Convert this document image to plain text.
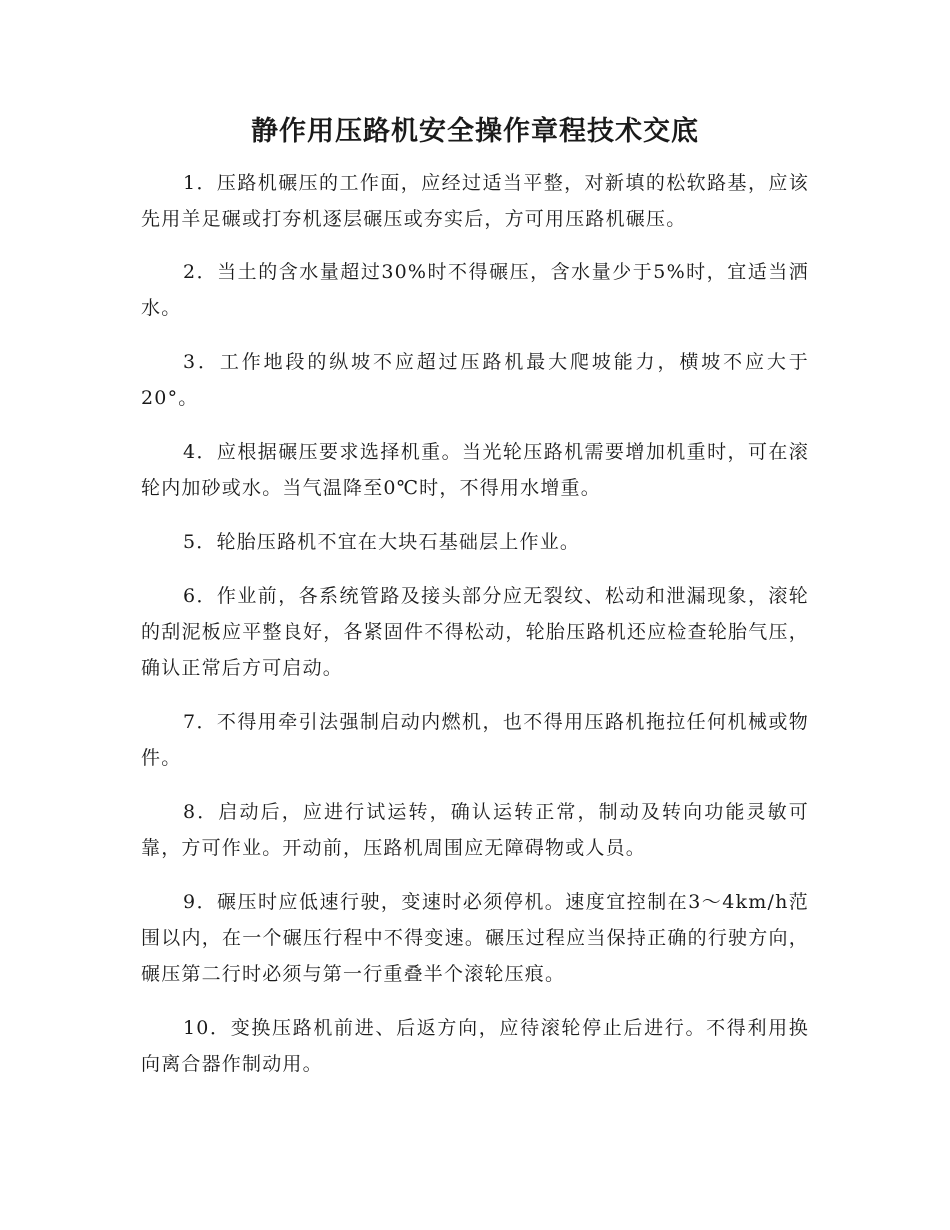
静作用压路机安全操作章程技术交底

1．压路机碾压的工作面，应经过适当平整，对新填的松软路基，应该先用羊足碾或打夯机逐层碾压或夯实后，方可用压路机碾压。

2．当土的含水量超过30%时不得碾压，含水量少于5%时，宜适当洒水。

3．工作地段的纵坡不应超过压路机最大爬坡能力，横坡不应大于20°。

4．应根据碾压要求选择机重。当光轮压路机需要增加机重时，可在滚轮内加砂或水。当气温降至0℃时，不得用水增重。

5．轮胎压路机不宜在大块石基础层上作业。

6．作业前，各系统管路及接头部分应无裂纹、松动和泄漏现象，滚轮的刮泥板应平整良好，各紧固件不得松动，轮胎压路机还应检查轮胎气压，确认正常后方可启动。

7．不得用牵引法强制启动内燃机，也不得用压路机拖拉任何机械或物件。

8．启动后，应进行试运转，确认运转正常，制动及转向功能灵敏可靠，方可作业。开动前，压路机周围应无障碍物或人员。

9．碾压时应低速行驶，变速时必须停机。速度宜控制在3～4km/h范围以内，在一个碾压行程中不得变速。碾压过程应当保持正确的行驶方向，碾压第二行时必须与第一行重叠半个滚轮压痕。

10．变换压路机前进、后返方向，应待滚轮停止后进行。不得利用换向离合器作制动用。
